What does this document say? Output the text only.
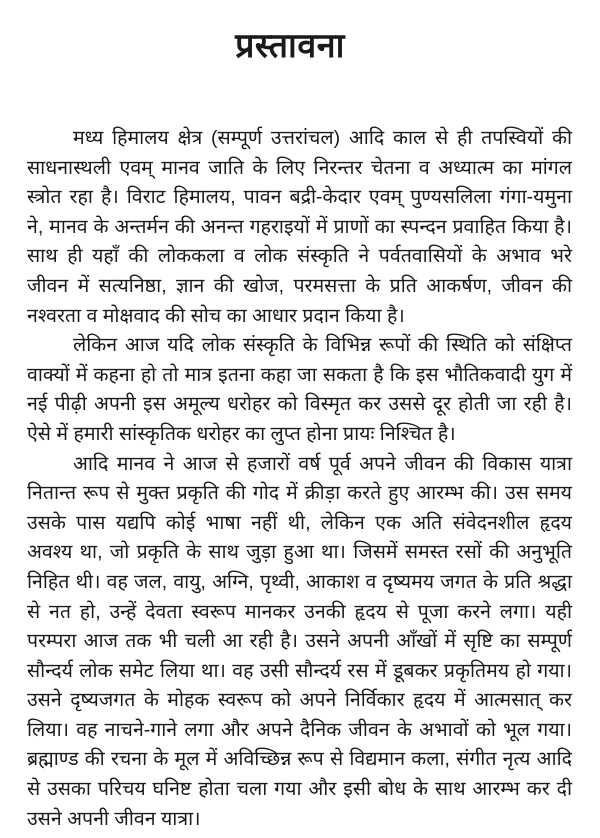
प्रस्तावना

मध्य हिमालय क्षेत्र (सम्पूर्ण उत्तरांचल) आदि काल से ही तपस्वियों की
साधनास्थली एवम् मानव जाति के लिए निरन्तर चेतना व अध्यात्म का मांगल
स्त्रोत रहा है। विराट हिमालय, पावन बद्री-केदार एवम् पुण्यसलिला गंगा-यमुना
ने, मानव के अन्तर्मन की अनन्त गहराइयों में प्राणों का स्पन्दन प्रवाहित किया है।
साथ ही यहाँ की लोककला व लोक संस्कृति ने पर्वतवासियों के अभाव भरे
जीवन में सत्यनिष्ठा, ज्ञान की खोज, परमसत्ता के प्रति आकर्षण, जीवन की
नश्वरता व मोक्षवाद की सोच का आधार प्रदान किया है।

लेकिन आज यदि लोक संस्कृति के विभिन्न रूपों की स्थिति को संक्षिप्त
वाक्यों में कहना हो तो मात्र इतना कहा जा सकता है कि इस भौतिकवादी युग में
नई पीढ़ी अपनी इस अमूल्य धरोहर को विस्मृत कर उससे दूर होती जा रही है।
ऐसे में हमारी सांस्कृतिक धरोहर का लुप्त होना प्रायः निश्चित है।

आदि मानव ने आज से हजारों वर्ष पूर्व अपने जीवन की विकास यात्रा
नितान्त रूप से मुक्त प्रकृति की गोद में क्रीड़ा करते हुए आरम्भ की। उस समय
उसके पास यद्यपि कोई भाषा नहीं थी, लेकिन एक अति संवेदनशील हृदय
अवश्य था, जो प्रकृति के साथ जुड़ा हुआ था। जिसमें समस्त रसों की अनुभूति
निहित थी। वह जल, वायु, अग्नि, पृथ्वी, आकाश व दृष्यमय जगत के प्रति श्रद्धा
से नत हो, उन्हें देवता स्वरूप मानकर उनकी हृदय से पूजा करने लगा। यही
परम्परा आज तक भी चली आ रही है। उसने अपनी आँखों में सृष्टि का सम्पूर्ण
सौन्दर्य लोक समेट लिया था। वह उसी सौन्दर्य रस में डूबकर प्रकृतिमय हो गया।
उसने दृष्यजगत के मोहक स्वरूप को अपने निर्विकार हृदय में आत्मसात् कर
लिया। वह नाचने-गाने लगा और अपने दैनिक जीवन के अभावों को भूल गया।
ब्रह्माण्ड की रचना के मूल में अविच्छिन्न रूप से विद्यमान कला, संगीत नृत्य आदि
से उसका परिचय घनिष्ट होता चला गया और इसी बोध के साथ आरम्भ कर दी
उसने अपनी जीवन यात्रा।
